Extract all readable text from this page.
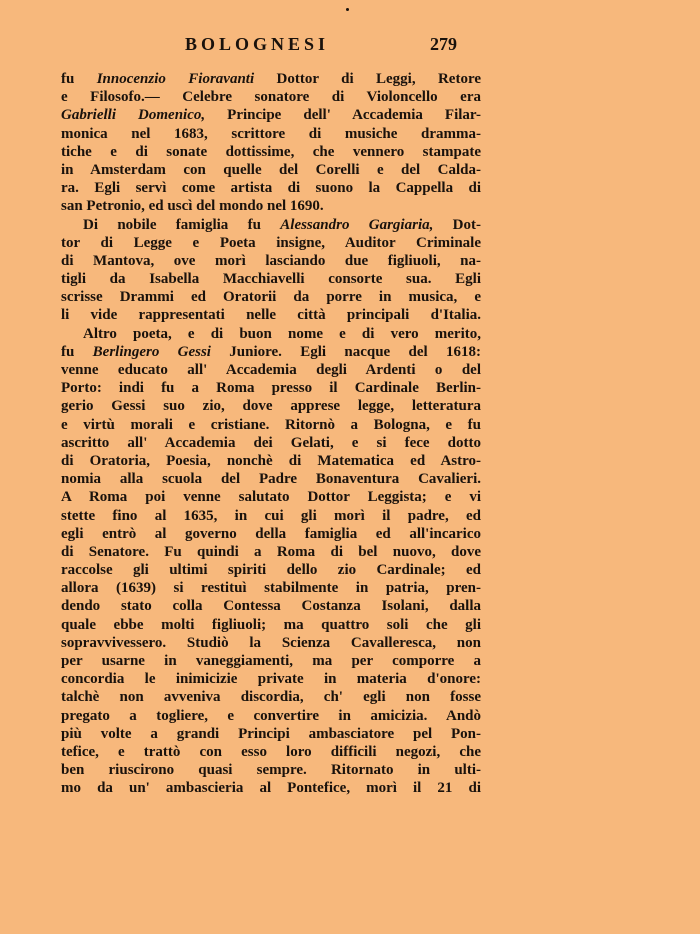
BOLOGNESI	279
fu Innocenzio Fioravanti Dottor di Leggi, Retore
e Filosofo.— Celebre sonatore di Violoncello era
Gabrielli Domenico, Principe dell' Accademia Filar-
monica nel 1683, scrittore di musiche dramma-
tiche e di sonate dottissime, che vennero stampate
in Amsterdam con quelle del Corelli e del Calda-
ra. Egli servì come artista di suono la Cappella di
san Petronio, ed uscì del mondo nel 1690.
Di nobile famiglia fu Alessandro Gargiaria, Dot-
tor di Legge e Poeta insigne, Auditor Criminale
di Mantova, ove morì lasciando due figliuoli, na-
tigli da Isabella Macchiavelli consorte sua. Egli
scrisse Drammi ed Oratorii da porre in musica, e
li vide rappresentati nelle città principali d'Italia.
Altro poeta, e di buon nome e di vero merito,
fu Berlingero Gessi Juniore. Egli nacque del 1618:
venne educato all' Accademia degli Ardenti o del
Porto: indi fu a Roma presso il Cardinale Berlin-
gerio Gessi suo zio, dove apprese legge, letteratura
e virtù morali e cristiane. Ritornò a Bologna, e fu
ascritto all' Accademia dei Gelati, e si fece dotto
di Oratoria, Poesia, nonchè di Matematica ed Astro-
nomia alla scuola del Padre Bonaventura Cavalieri.
A Roma poi venne salutato Dottor Leggista; e vi
stette fino al 1635, in cui gli morì il padre, ed
egli entrò al governo della famiglia ed all'incarico
di Senatore. Fu quindi a Roma di bel nuovo, dove
raccolse gli ultimi spiriti dello zio Cardinale; ed
allora (1639) si restituì stabilmente in patria, pren-
dendo stato colla Contessa Costanza Isolani, dalla
quale ebbe molti figliuoli; ma quattro soli che gli
sopravvivessero. Studiò la Scienza Cavalleresca, non
per usarne in vaneggiamenti, ma per comporre a
concordia le inimicizie private in materia d'onore:
talchè non avveniva discordia, ch' egli non fosse
pregato a togliere, e convertire in amicizia. Andò
più volte a grandi Principi ambasciatore pel Pon-
tefice, e trattò con esso loro difficili negozi, che
ben riuscirono quasi sempre. Ritornato in ulti-
mo da un' ambascieria al Pontefice, morì il 21 di
